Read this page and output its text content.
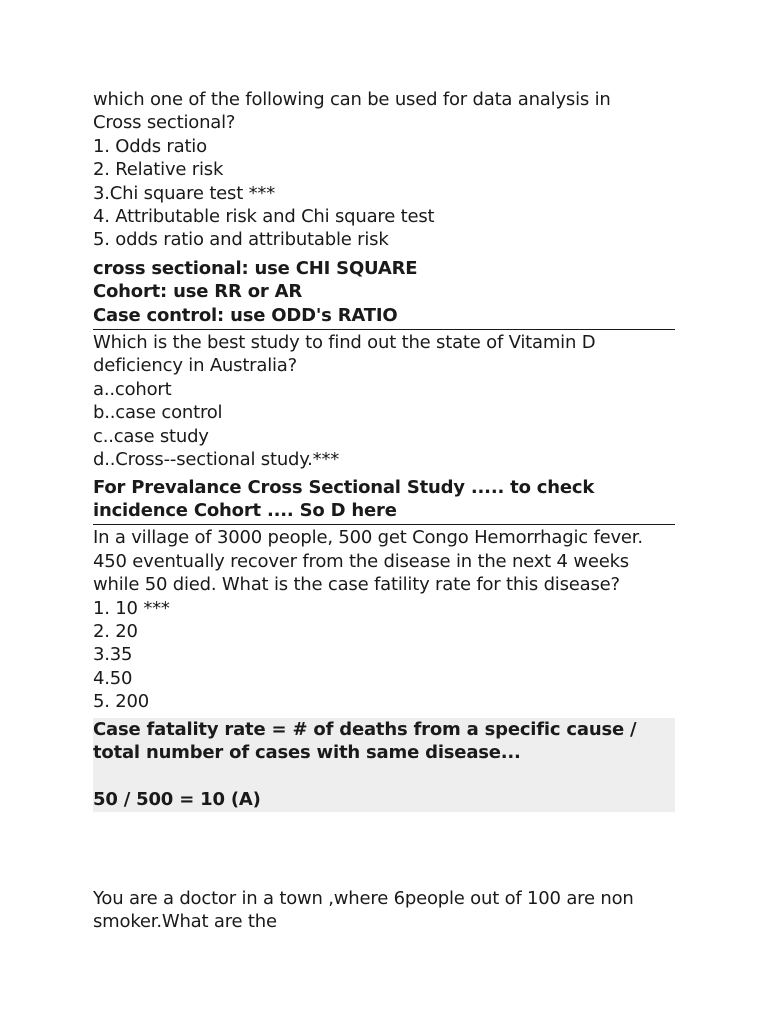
which one of the following can be used for data analysis in
Cross sectional?
1. Odds ratio
2. Relative risk
3.Chi square test ***
4. Attributable risk and Chi square test
5. odds ratio and attributable risk
cross sectional: use CHI SQUARE
Cohort: use RR or AR
Case control: use ODD's RATIO
Which is the best study to find out the state of Vitamin D
deficiency in Australia?
a..cohort
b..case control
c..case study
d..Cross--sectional study.***
For Prevalance Cross Sectional Study ..... to check
incidence Cohort .... So D here
In a village of 3000 people, 500 get Congo Hemorrhagic fever.
450 eventually recover from the disease in the next 4 weeks
while 50 died. What is the case fatility rate for this disease?
1. 10 ***
2. 20
3.35
4.50
5. 200
Case fatality rate = # of deaths from a specific cause /
total number of cases with same disease...
50 / 500 = 10 (A)
You are a doctor in a town ,where 6people out of 100 are non
smoker.What are the
